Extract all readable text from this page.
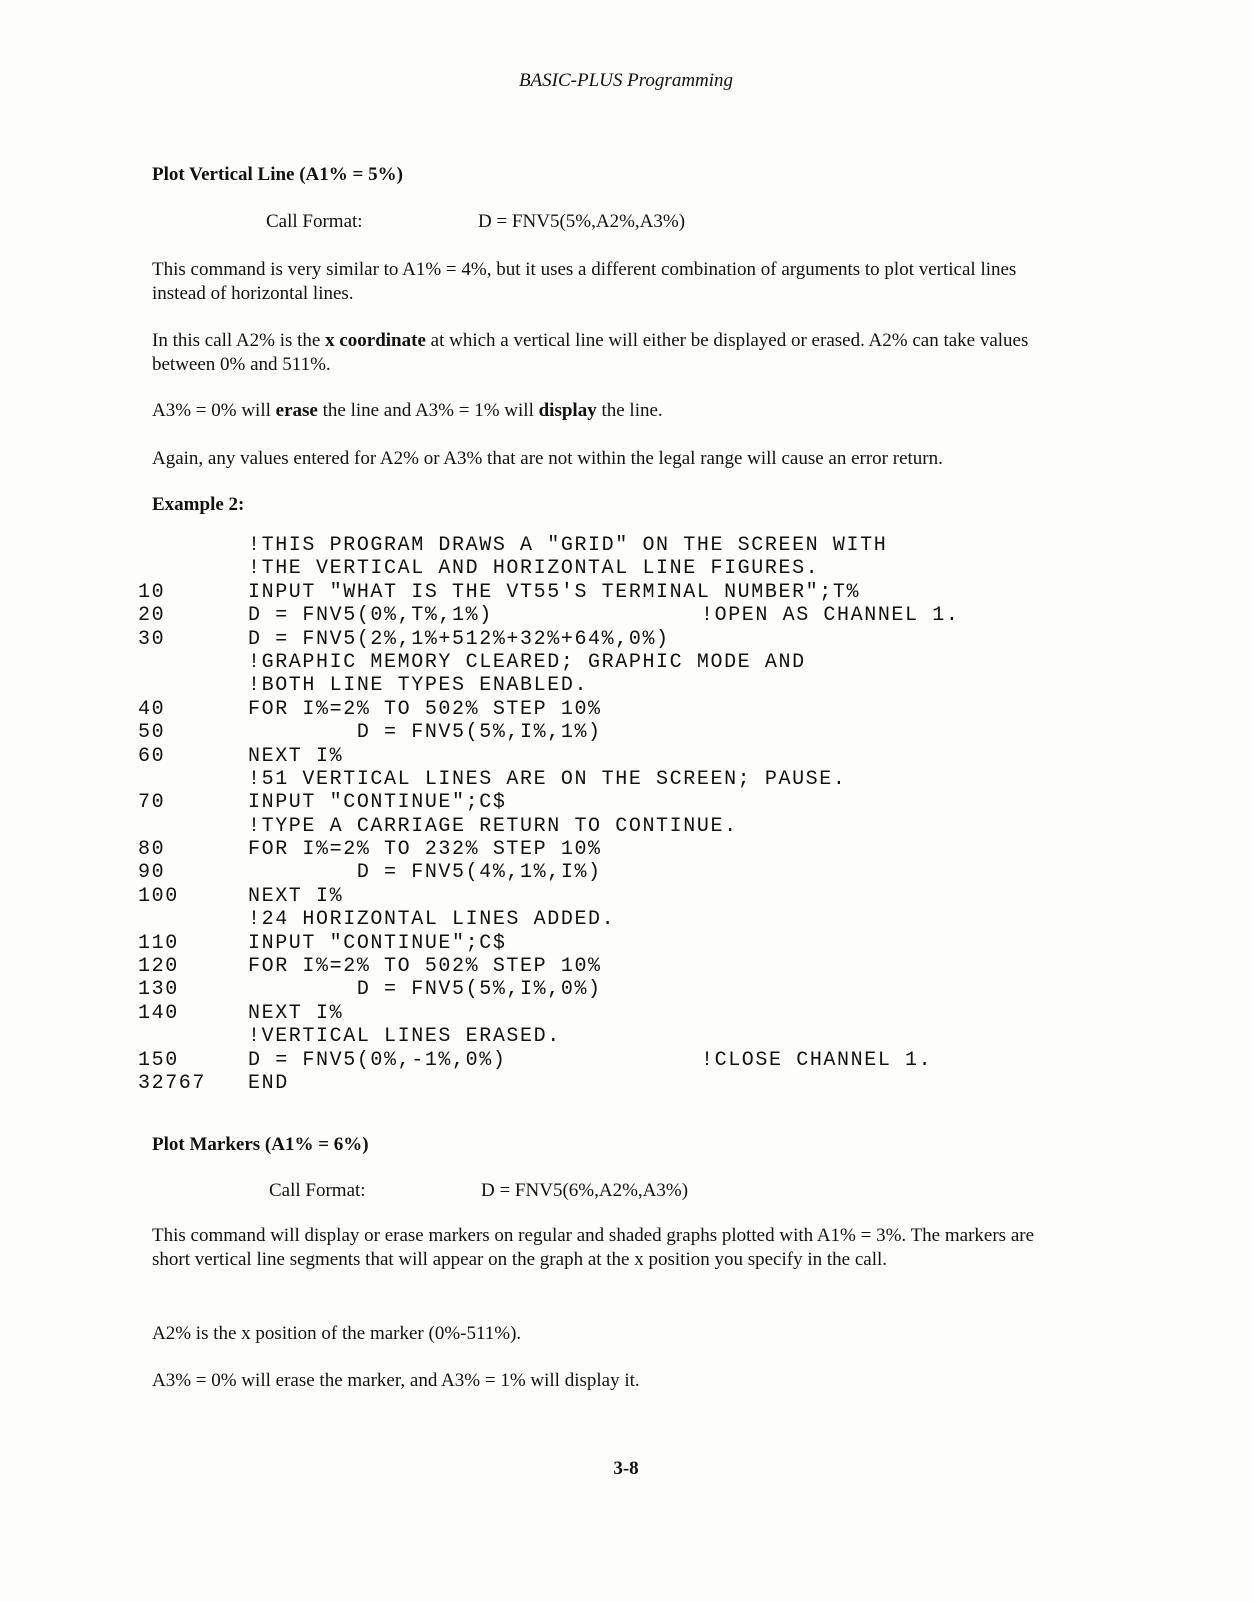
BASIC-PLUS Programming
Plot Vertical Line (A1% = 5%)
Call Format:	D = FNV5(5%,A2%,A3%)
This command is very similar to A1% = 4%, but it uses a different combination of arguments to plot vertical lines instead of horizontal lines.
In this call A2% is the x coordinate at which a vertical line will either be displayed or erased. A2% can take values between 0% and 511%.
A3% = 0% will erase the line and A3% = 1% will display the line.
Again, any values entered for A2% or A3% that are not within the legal range will cause an error return.
Example 2:
!THIS PROGRAM DRAWS A "GRID" ON THE SCREEN WITH
!THE VERTICAL AND HORIZONTAL LINE FIGURES.
10	INPUT "WHAT IS THE VT55'S TERMINAL NUMBER";T%
20	D = FNV5(0%,T%,1%)	!OPEN AS CHANNEL 1.
30	D = FNV5(2%,1%+512%+32%+64%,0%)
!GRAPHIC MEMORY CLEARED; GRAPHIC MODE AND
!BOTH LINE TYPES ENABLED.
40	FOR I%=2% TO 502% STEP 10%
50	D = FNV5(5%,I%,1%)
60	NEXT I%
!51 VERTICAL LINES ARE ON THE SCREEN; PAUSE.
70	INPUT "CONTINUE";C$
!TYPE A CARRIAGE RETURN TO CONTINUE.
80	FOR I%=2% TO 232% STEP 10%
90	D = FNV5(4%,1%,I%)
100	NEXT I%
!24 HORIZONTAL LINES ADDED.
110	INPUT "CONTINUE";C$
120	FOR I%=2% TO 502% STEP 10%
130	D = FNV5(5%,I%,0%)
140	NEXT I%
!VERTICAL LINES ERASED.
150	D = FNV5(0%,-1%,0%)	!CLOSE CHANNEL 1.
32767 END
Plot Markers (A1% = 6%)
Call Format:	D = FNV5(6%,A2%,A3%)
This command will display or erase markers on regular and shaded graphs plotted with A1% = 3%. The markers are short vertical line segments that will appear on the graph at the x position you specify in the call.
A2% is the x position of the marker (0%-511%).
A3% = 0% will erase the marker, and A3% = 1% will display it.
3-8
